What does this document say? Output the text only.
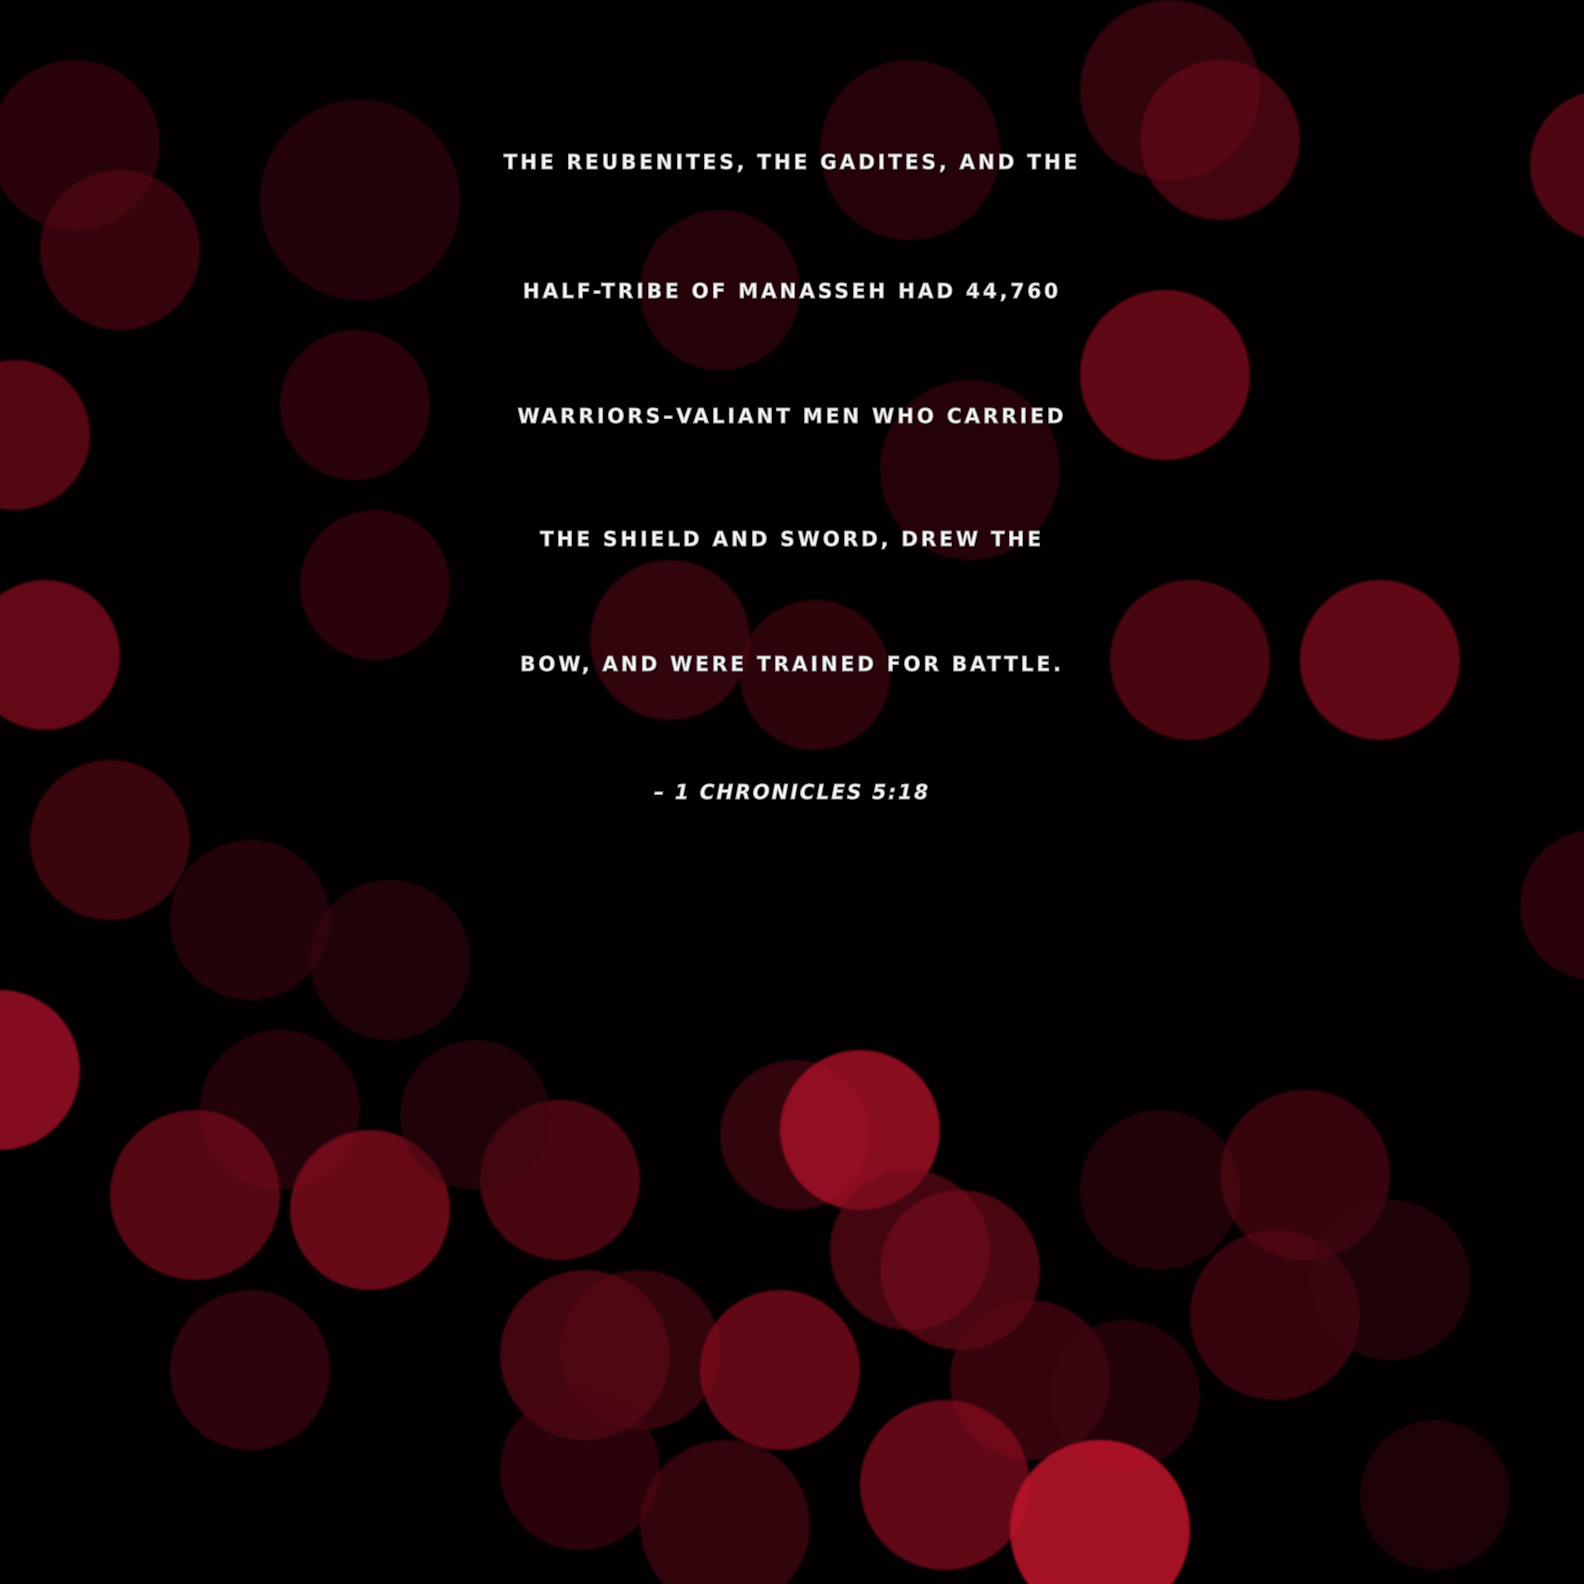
THE REUBENITES, THE GADITES, AND THE
HALF-TRIBE OF MANASSEH HAD 44,760
WARRIORS–VALIANT MEN WHO CARRIED
THE SHIELD AND SWORD, DREW THE
BOW, AND WERE TRAINED FOR BATTLE.
– 1 CHRONICLES 5:18
